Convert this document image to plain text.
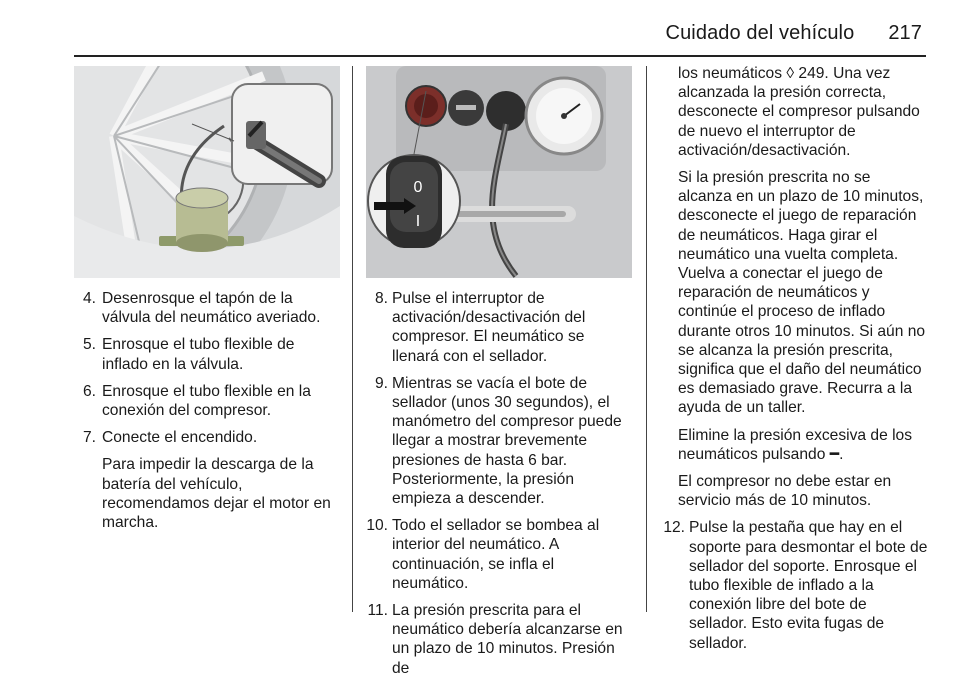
Cuidado del vehículo 217
0
I
4. Desenrosque el tapón de la válvula del neumático averiado.
5. Enrosque el tubo flexible de inflado en la válvula.
6. Enrosque el tubo flexible en la conexión del compresor.
7. Conecte el encendido.
Para impedir la descarga de la batería del vehículo, recomendamos dejar el motor en marcha.
8. Pulse el interruptor de activación/desactivación del compresor. El neumático se llenará con el sellador.
9. Mientras se vacía el bote de sellador (unos 30 segundos), el manómetro del compresor puede llegar a mostrar brevemente presiones de hasta 6 bar. Posteriormente, la presión empieza a descender.
10. Todo el sellador se bombea al interior del neumático. A continuación, se infla el neumático.
11. La presión prescrita para el neumático debería alcanzarse en un plazo de 10 minutos. Presión de
los neumáticos ◊ 249. Una vez alcanzada la presión correcta, desconecte el compresor pulsando de nuevo el interruptor de activación/desactivación.
Si la presión prescrita no se alcanza en un plazo de 10 minutos, desconecte el juego de reparación de neumáticos. Haga girar el neumático una vuelta completa. Vuelva a conectar el juego de reparación de neumáticos y continúe el proceso de inflado durante otros 10 minutos. Si aún no se alcanza la presión prescrita, significa que el daño del neumático es demasiado grave. Recurra a la ayuda de un taller.
Elimine la presión excesiva de los neumáticos pulsando ━.
El compresor no debe estar en servicio más de 10 minutos.
12. Pulse la pestaña que hay en el soporte para desmontar el bote de sellador del soporte. Enrosque el tubo flexible de inflado a la conexión libre del bote de sellador. Esto evita fugas de sellador.
